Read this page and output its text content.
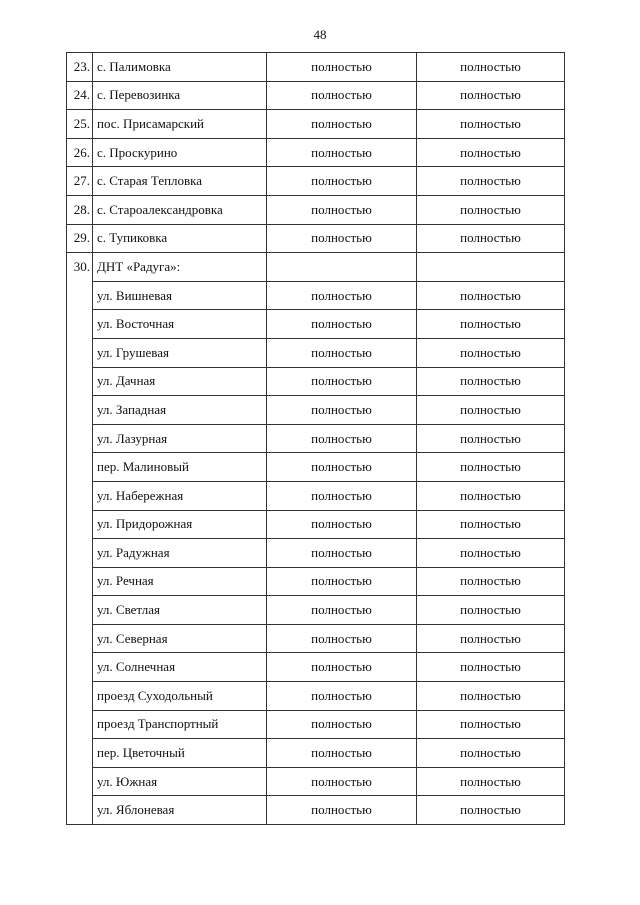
48
23.	с. Палимовка	полностью	полностью
24.	с. Перевозинка	полностью	полностью
25.	пос. Присамарский	полностью	полностью
26.	с. Проскурино	полностью	полностью
27.	с. Старая Тепловка	полностью	полностью
28.	с. Староалександровка	полностью	полностью
29.	с. Тупиковка	полностью	полностью
30.	ДНТ «Радуга»:		
	ул. Вишневая	полностью	полностью
	ул. Восточная	полностью	полностью
	ул. Грушевая	полностью	полностью
	ул. Дачная	полностью	полностью
	ул. Западная	полностью	полностью
	ул. Лазурная	полностью	полностью
	пер. Малиновый	полностью	полностью
	ул. Набережная	полностью	полностью
	ул. Придорожная	полностью	полностью
	ул. Радужная	полностью	полностью
	ул. Речная	полностью	полностью
	ул. Светлая	полностью	полностью
	ул. Северная	полностью	полностью
	ул. Солнечная	полностью	полностью
	проезд Суходольный	полностью	полностью
	проезд Транспортный	полностью	полностью
	пер. Цветочный	полностью	полностью
	ул. Южная	полностью	полностью
	ул. Яблоневая	полностью	полностью
